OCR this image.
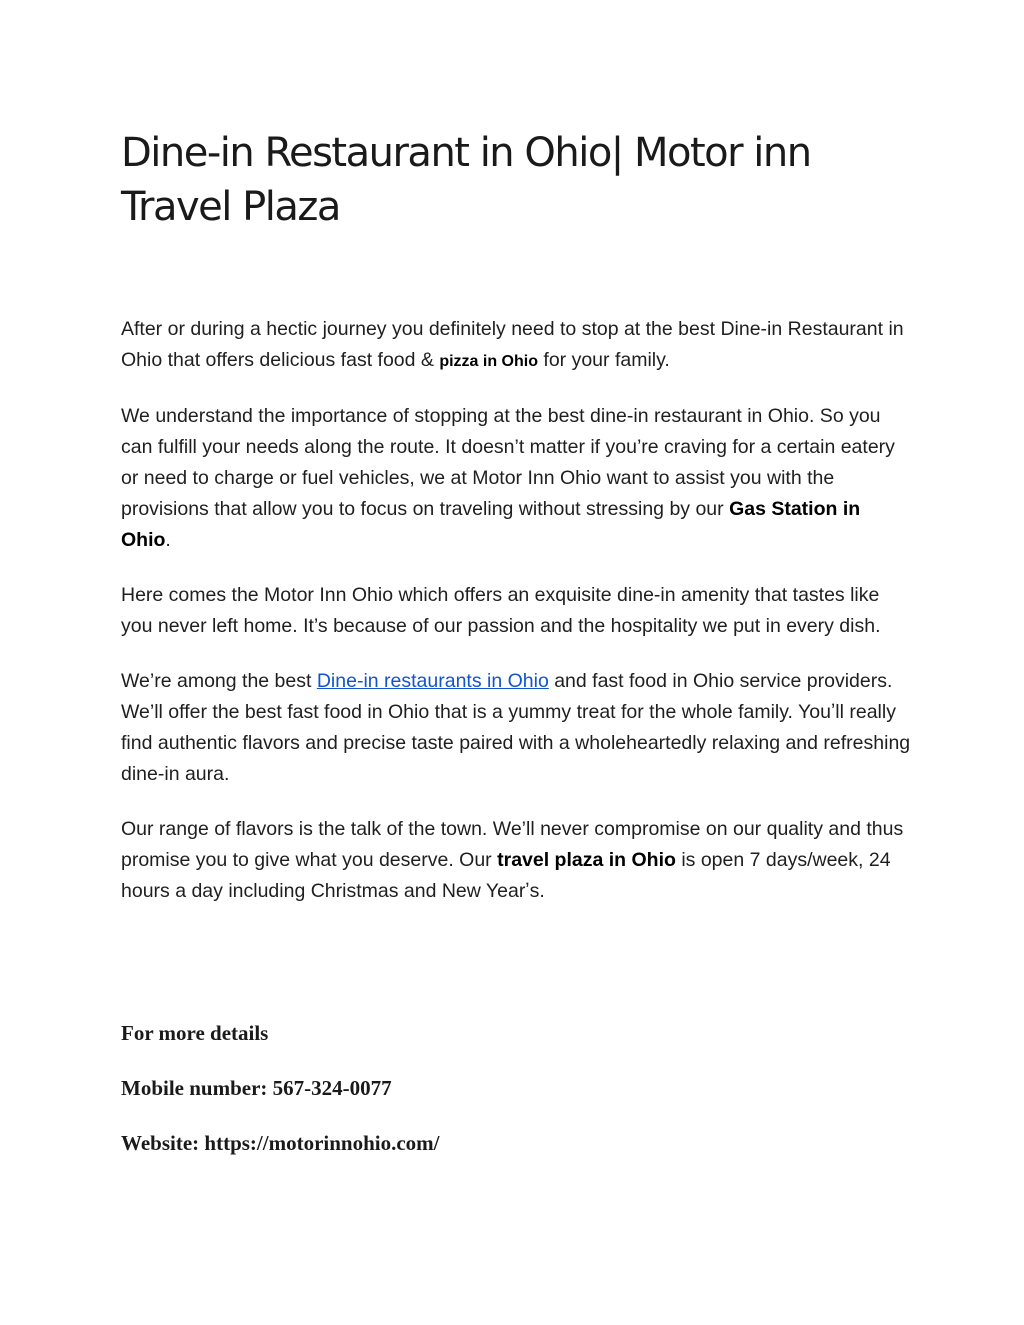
Dine-in Restaurant in Ohio| Motor inn Travel Plaza

After or during a hectic journey you definitely need to stop at the best Dine-in Restaurant in Ohio that offers delicious fast food & pizza in Ohio for your family.

We understand the importance of stopping at the best dine-in restaurant in Ohio. So you can fulfill your needs along the route. It doesn’t matter if you’re craving for a certain eatery or need to charge or fuel vehicles, we at Motor Inn Ohio want to assist you with the provisions that allow you to focus on traveling without stressing by our Gas Station in Ohio.

Here comes the Motor Inn Ohio which offers an exquisite dine-in amenity that tastes like you never left home. It’s because of our passion and the hospitality we put in every dish.

We’re among the best Dine-in restaurants in Ohio and fast food in Ohio service providers. We’ll offer the best fast food in Ohio that is a yummy treat for the whole family. Youʼll really find authentic flavors and precise taste paired with a wholeheartedly relaxing and refreshing dine-in aura.

Our range of flavors is the talk of the town. We’ll never compromise on our quality and thus promise you to give what you deserve. Our travel plaza in Ohio is open 7 days/week, 24 hours a day including Christmas and New Yearʼs.

For more details

Mobile number: 567-324-0077

Website: https://motorinnohio.com/
